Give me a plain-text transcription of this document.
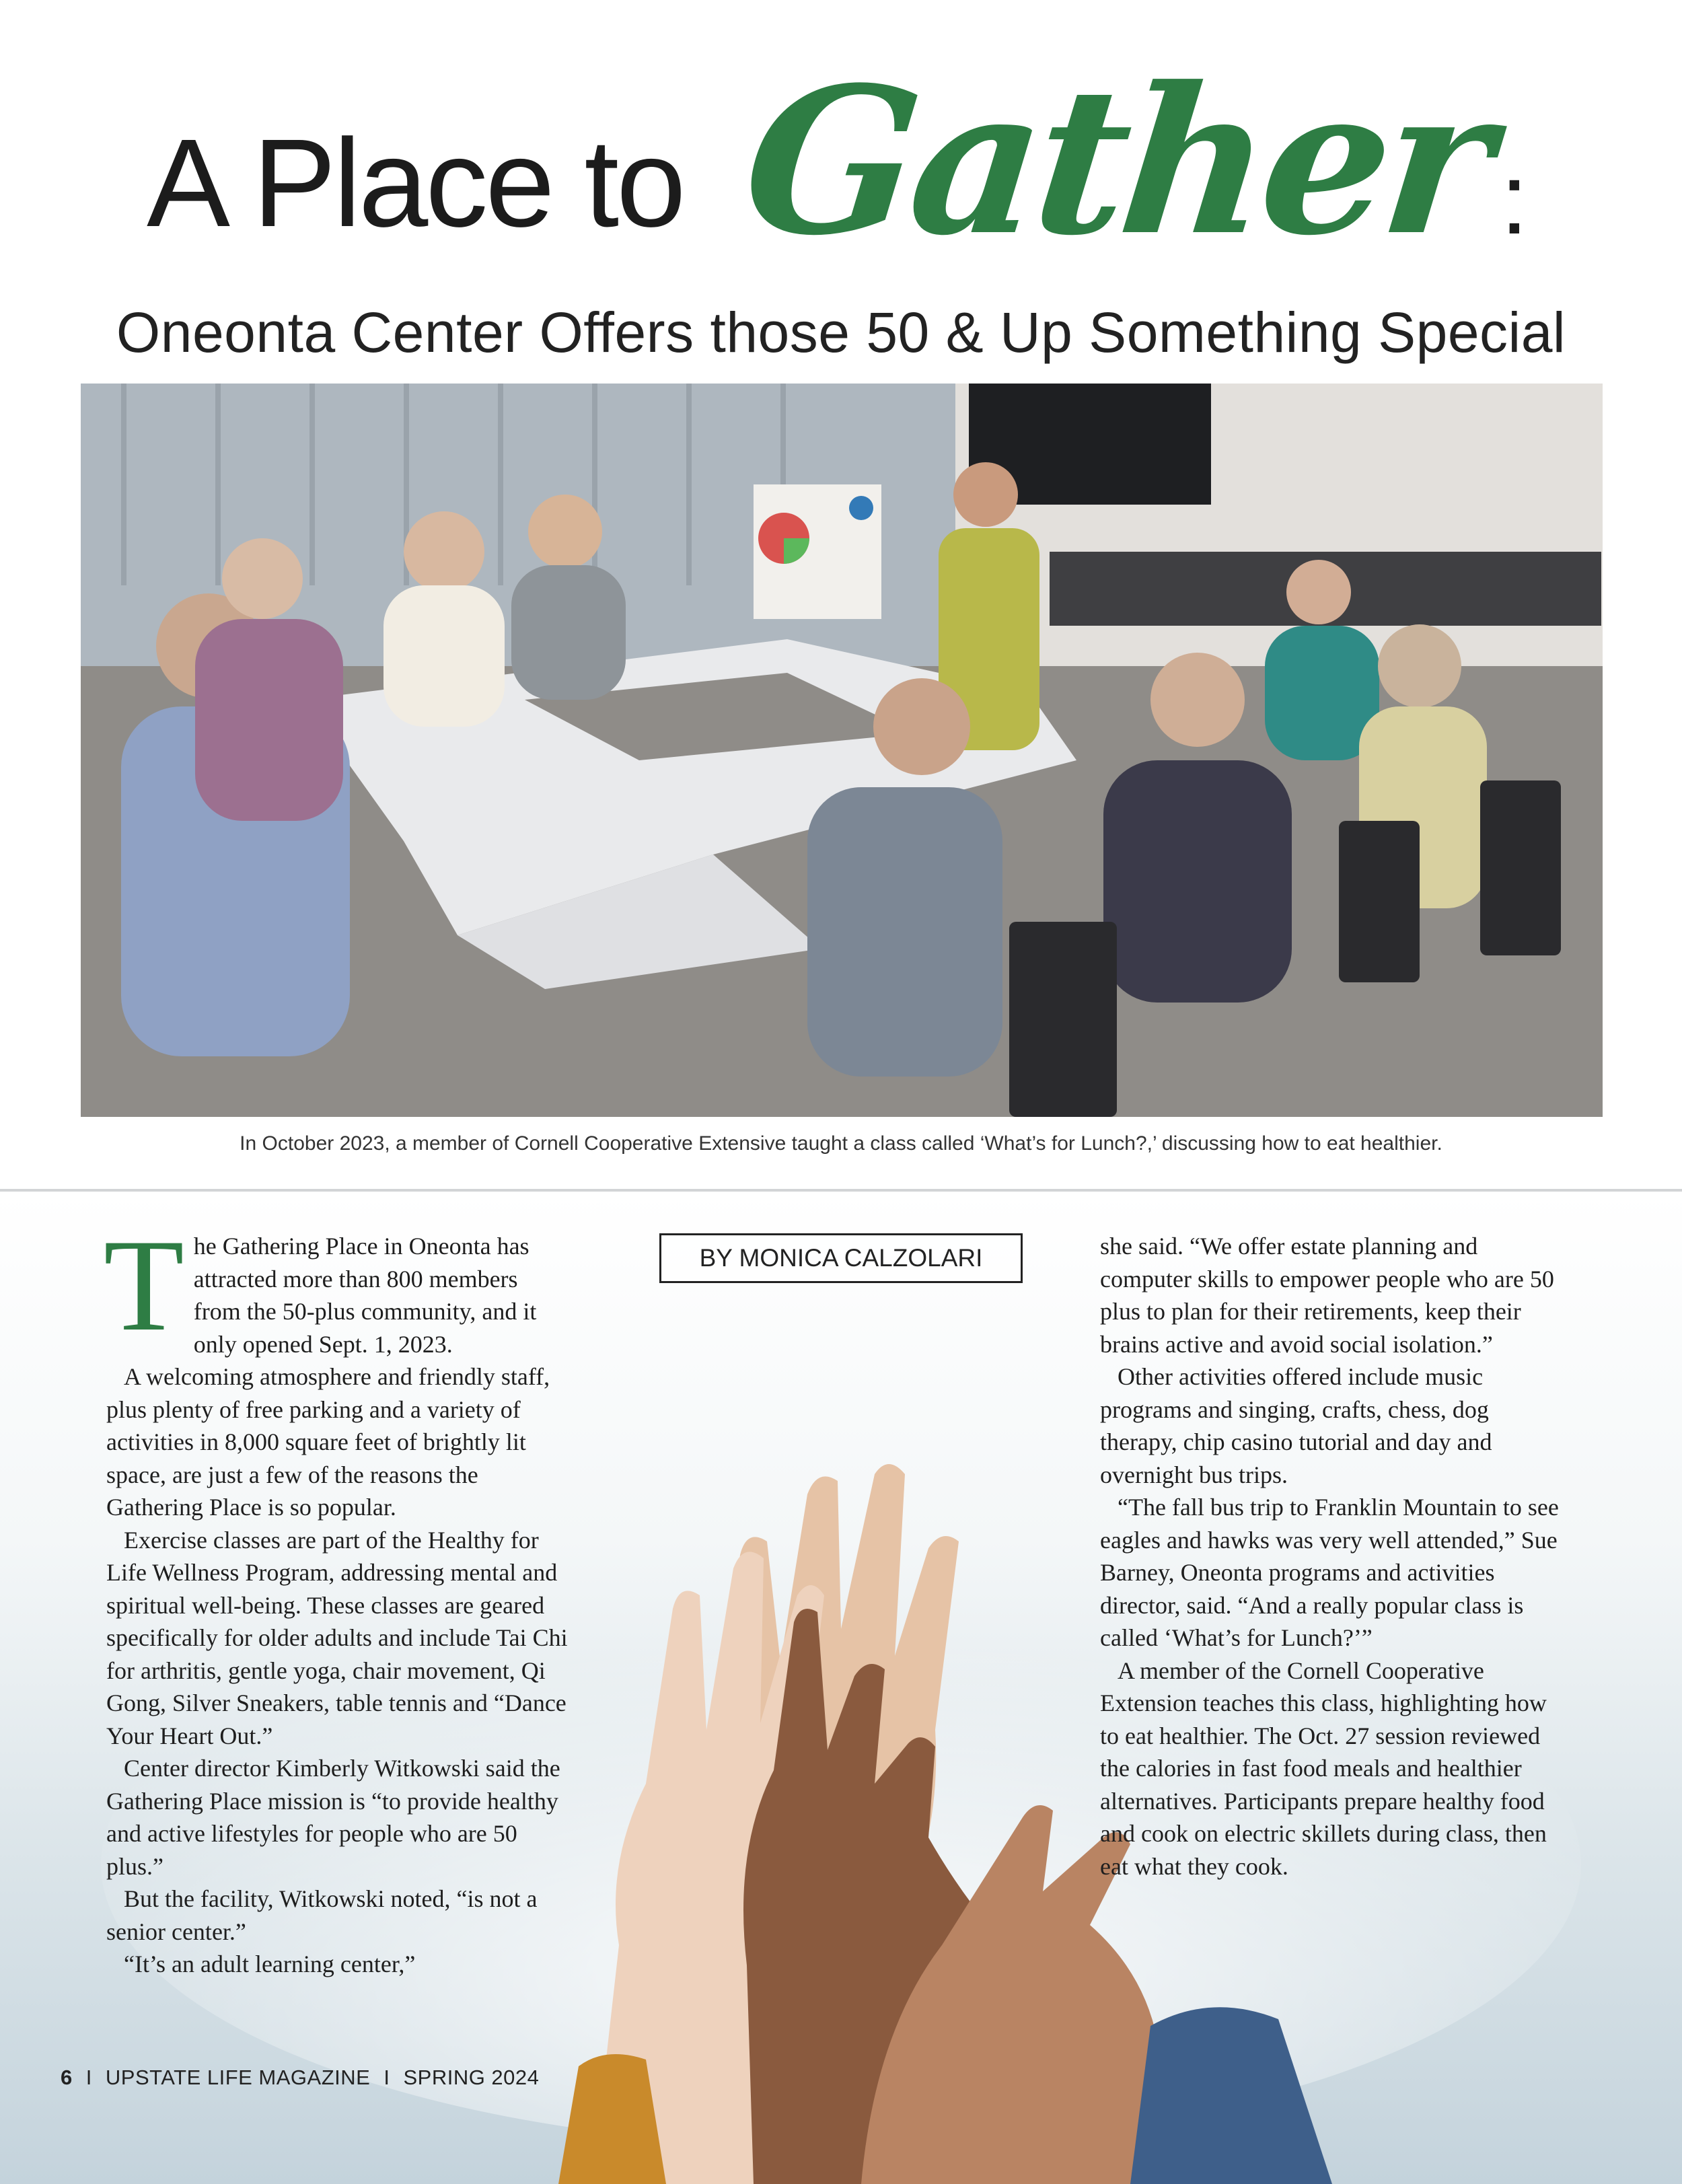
A Place to Gather :
Oneonta Center Offers those 50 & Up Something Special
In October 2023, a member of Cornell Cooperative Extensive taught a class called ‘What’s for Lunch?,’ discussing how to eat healthier.
BY MONICA CALZOLARI

The Gathering Place in Oneonta has attracted more than 800 members from the 50-plus community, and it only opened Sept. 1, 2023.

A welcoming atmosphere and friendly staff, plus plenty of free parking and a variety of activities in 8,000 square feet of brightly lit space, are just a few of the reasons the Gathering Place is so popular.

Exercise classes are part of the Healthy for Life Wellness Program, addressing mental and spiritual well-being. These classes are geared specifically for older adults and include Tai Chi for arthritis, gentle yoga, chair movement, Qi Gong, Silver Sneakers, table tennis and “Dance Your Heart Out.”

Center director Kimberly Witkowski said the Gathering Place mission is “to provide healthy and active lifestyles for people who are 50 plus.”

But the facility, Witkowski noted, “is not a senior center.”

“It’s an adult learning center,”

she said. “We offer estate planning and computer skills to empower people who are 50 plus to plan for their retirements, keep their brains active and avoid social isolation.”

Other activities offered include music programs and singing, crafts, chess, dog therapy, chip casino tutorial and day and overnight bus trips.

“The fall bus trip to Franklin Mountain to see eagles and hawks was very well attended,” Sue Barney, Oneonta programs and activities director, said. “And a really popular class is called ‘What’s for Lunch?’”

A member of the Cornell Cooperative Extension teaches this class, highlighting how to eat healthier. The Oct. 27 session reviewed the calories in fast food meals and healthier alternatives. Participants prepare healthy food and cook on electric skillets during class, then eat what they cook.

6 I UPSTATE LIFE MAGAZINE I SPRING 2024
